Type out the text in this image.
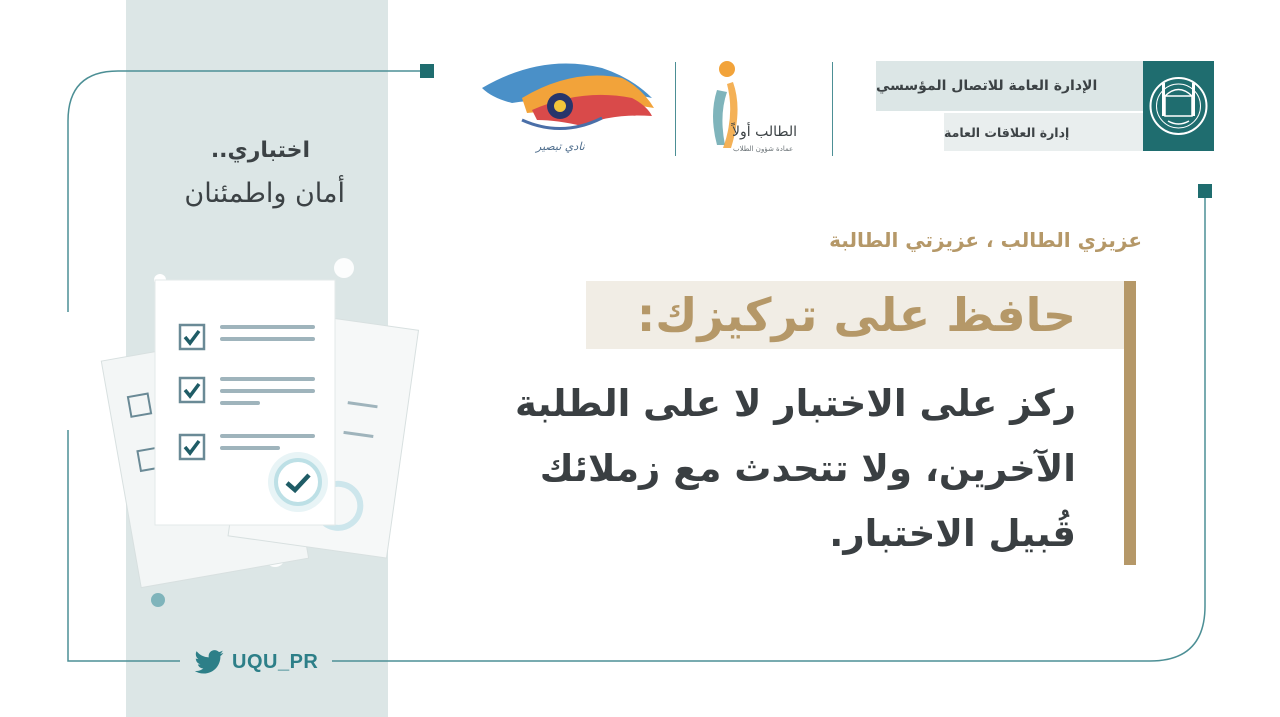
اختباري..
أمان واطمئنان
UQU_PR
الإدارة العامة للاتصال المؤسسي
إدارة العلاقات العامة
الطالب أولاً
عمادة شؤون الطلاب
نادي تبصير
عزيزي الطالب ، عزيزتي الطالبة
حافظ على تركيزك:
ركز على الاختبار لا على الطلبة
الآخرين، ولا تتحدث مع زملائك
قُبيل الاختبار.
